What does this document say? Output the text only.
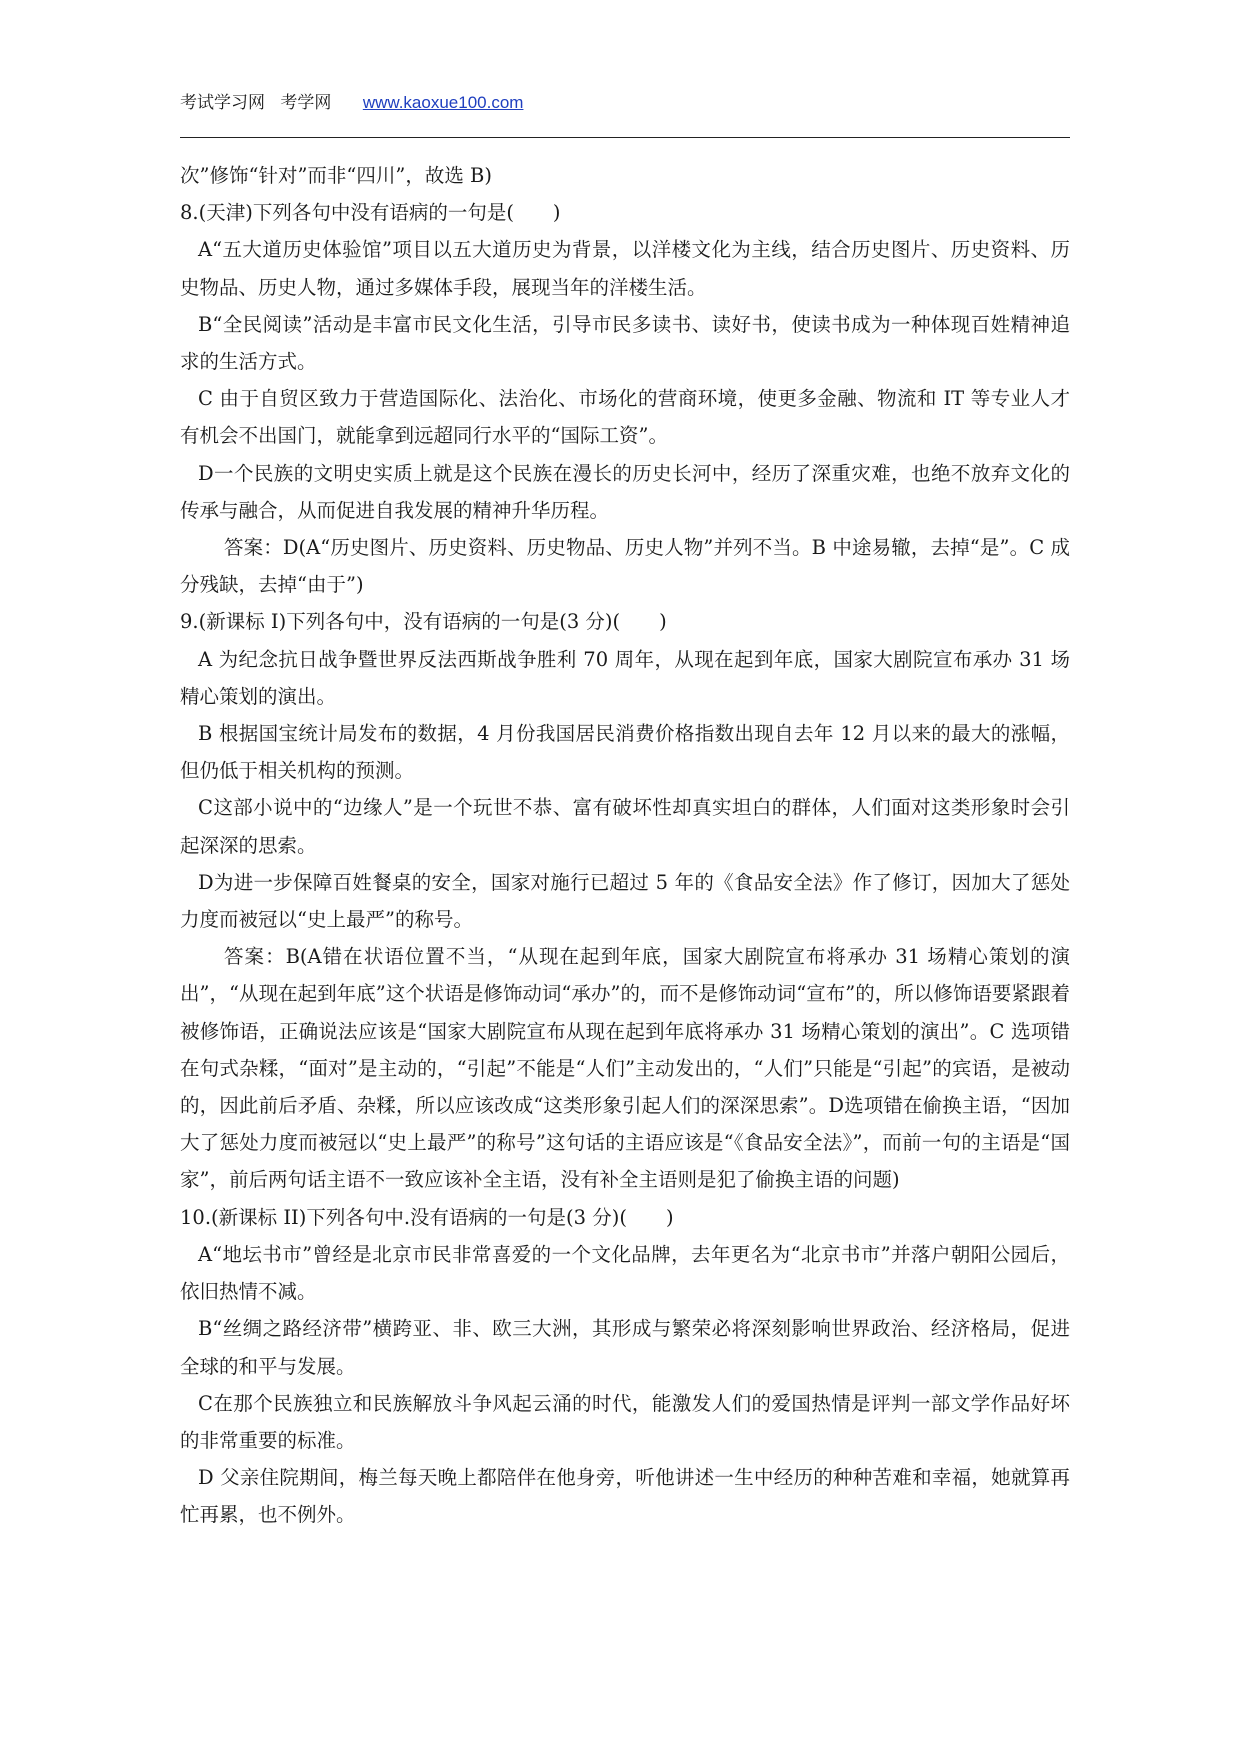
考试学习网 考学网 www.kaoxue100.com

次”修饰“针对”而非“四川”，故选 B)

8.(天津)下列各句中没有语病的一句是(　　)

A“五大道历史体验馆”项目以五大道历史为背景，以洋楼文化为主线，结合历史图片、历史资料、历史物品、历史人物，通过多媒体手段，展现当年的洋楼生活。

B“全民阅读”活动是丰富市民文化生活，引导市民多读书、读好书，使读书成为一种体现百姓精神追求的生活方式。

C 由于自贸区致力于营造国际化、法治化、市场化的营商环境，使更多金融、物流和 IT 等专业人才有机会不出国门，就能拿到远超同行水平的“国际工资”。

D一个民族的文明史实质上就是这个民族在漫长的历史长河中，经历了深重灾难，也绝不放弃文化的传承与融合，从而促进自我发展的精神升华历程。

答案：D(A“历史图片、历史资料、历史物品、历史人物”并列不当。B 中途易辙，去掉“是”。C 成分残缺，去掉“由于”)

9.(新课标 I)下列各句中，没有语病的一句是(3 分)(　　)

A 为纪念抗日战争暨世界反法西斯战争胜利 70 周年，从现在起到年底，国家大剧院宣布承办 31 场精心策划的演出。

B 根据国宝统计局发布的数据，4 月份我国居民消费价格指数出现自去年 12 月以来的最大的涨幅，但仍低于相关机构的预测。

C这部小说中的“边缘人”是一个玩世不恭、富有破坏性却真实坦白的群体，人们面对这类形象时会引起深深的思索。

D为进一步保障百姓餐桌的安全，国家对施行已超过 5 年的《食品安全法》作了修订，因加大了惩处力度而被冠以“史上最严”的称号。

答案：B(A错在状语位置不当，“从现在起到年底，国家大剧院宣布将承办 31 场精心策划的演出”，“从现在起到年底”这个状语是修饰动词“承办”的，而不是修饰动词“宣布”的，所以修饰语要紧跟着被修饰语，正确说法应该是“国家大剧院宣布从现在起到年底将承办 31 场精心策划的演出”。C 选项错在句式杂糅，“面对”是主动的，“引起”不能是“人们”主动发出的，“人们”只能是“引起”的宾语，是被动的，因此前后矛盾、杂糅，所以应该改成“这类形象引起人们的深深思索”。D选项错在偷换主语，“因加大了惩处力度而被冠以“史上最严”的称号”这句话的主语应该是“《食品安全法》”，而前一句的主语是“国家”，前后两句话主语不一致应该补全主语，没有补全主语则是犯了偷换主语的问题)

10.(新课标 II)下列各句中.没有语病的一句是(3 分)(　　)

A“地坛书市”曾经是北京市民非常喜爱的一个文化品牌，去年更名为“北京书市”并落户朝阳公园后，依旧热情不减。

B“丝绸之路经济带”横跨亚、非、欧三大洲，其形成与繁荣必将深刻影响世界政治、经济格局，促进全球的和平与发展。

C在那个民族独立和民族解放斗争风起云涌的时代，能激发人们的爱国热情是评判一部文学作品好坏的非常重要的标准。

D 父亲住院期间，梅兰每天晚上都陪伴在他身旁，听他讲述一生中经历的种种苦难和幸福，她就算再忙再累，也不例外。
